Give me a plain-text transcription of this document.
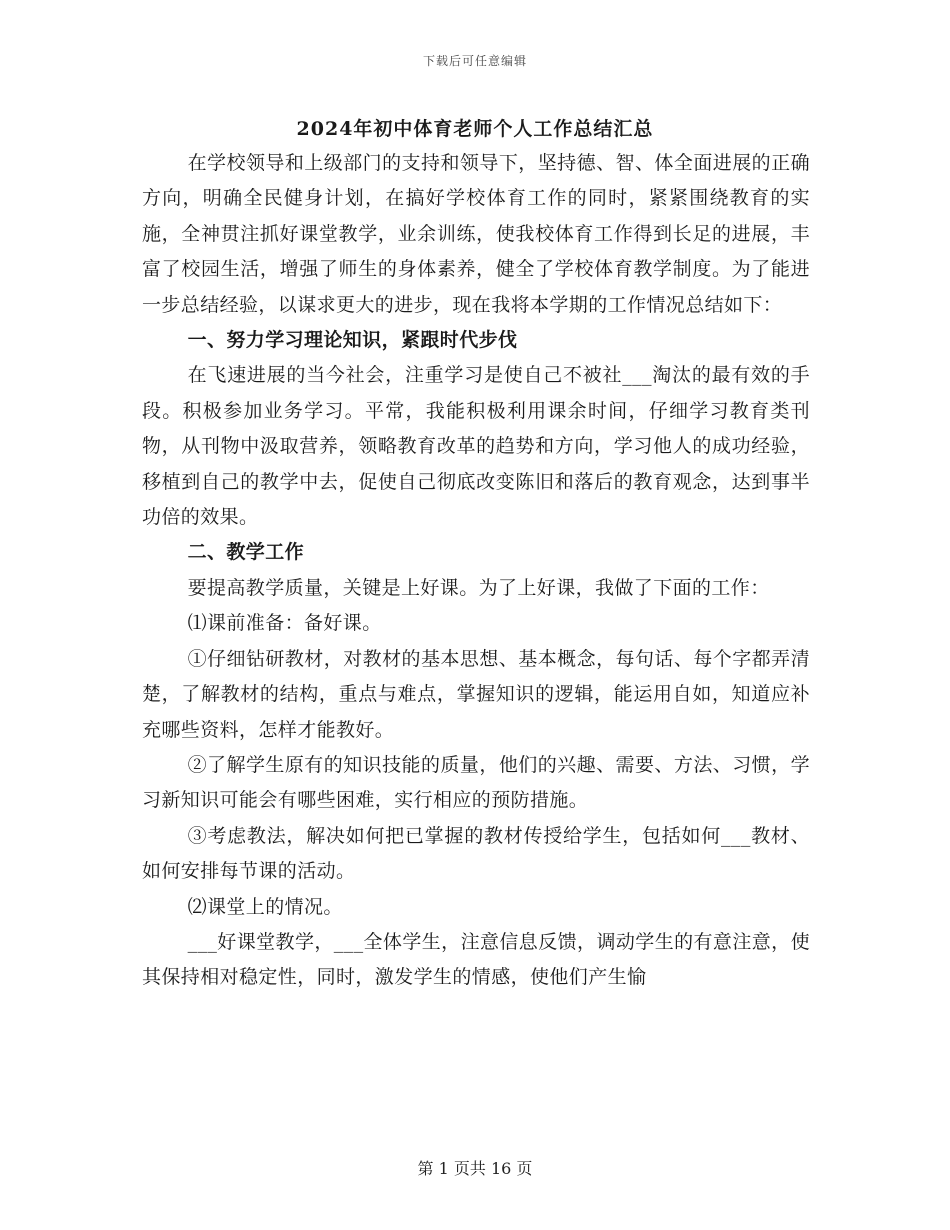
下载后可任意编辑
2024年初中体育老师个人工作总结汇总

在学校领导和上级部门的支持和领导下，坚持德、智、体全面进展的正确方向，明确全民健身计划，在搞好学校体育工作的同时，紧紧围绕教育的实施，全神贯注抓好课堂教学，业余训练，使我校体育工作得到长足的进展，丰富了校园生活，增强了师生的身体素养，健全了学校体育教学制度。为了能进一步总结经验，以谋求更大的进步，现在我将本学期的工作情况总结如下：

一、努力学习理论知识，紧跟时代步伐

在飞速进展的当今社会，注重学习是使自己不被社___淘汰的最有效的手段。积极参加业务学习。平常，我能积极利用课余时间，仔细学习教育类刊物，从刊物中汲取营养，领略教育改革的趋势和方向，学习他人的成功经验，移植到自己的教学中去，促使自己彻底改变陈旧和落后的教育观念，达到事半功倍的效果。

二、教学工作

要提高教学质量，关键是上好课。为了上好课，我做了下面的工作：

⑴课前准备：备好课。

①仔细钻研教材，对教材的基本思想、基本概念，每句话、每个字都弄清楚，了解教材的结构，重点与难点，掌握知识的逻辑，能运用自如，知道应补充哪些资料，怎样才能教好。

②了解学生原有的知识技能的质量，他们的兴趣、需要、方法、习惯，学习新知识可能会有哪些困难，实行相应的预防措施。

③考虑教法，解决如何把已掌握的教材传授给学生，包括如何___教材、如何安排每节课的活动。

⑵课堂上的情况。

___好课堂教学，___全体学生，注意信息反馈，调动学生的有意注意，使其保持相对稳定性，同时，激发学生的情感，使他们产生愉

第 1 页共 16 页
